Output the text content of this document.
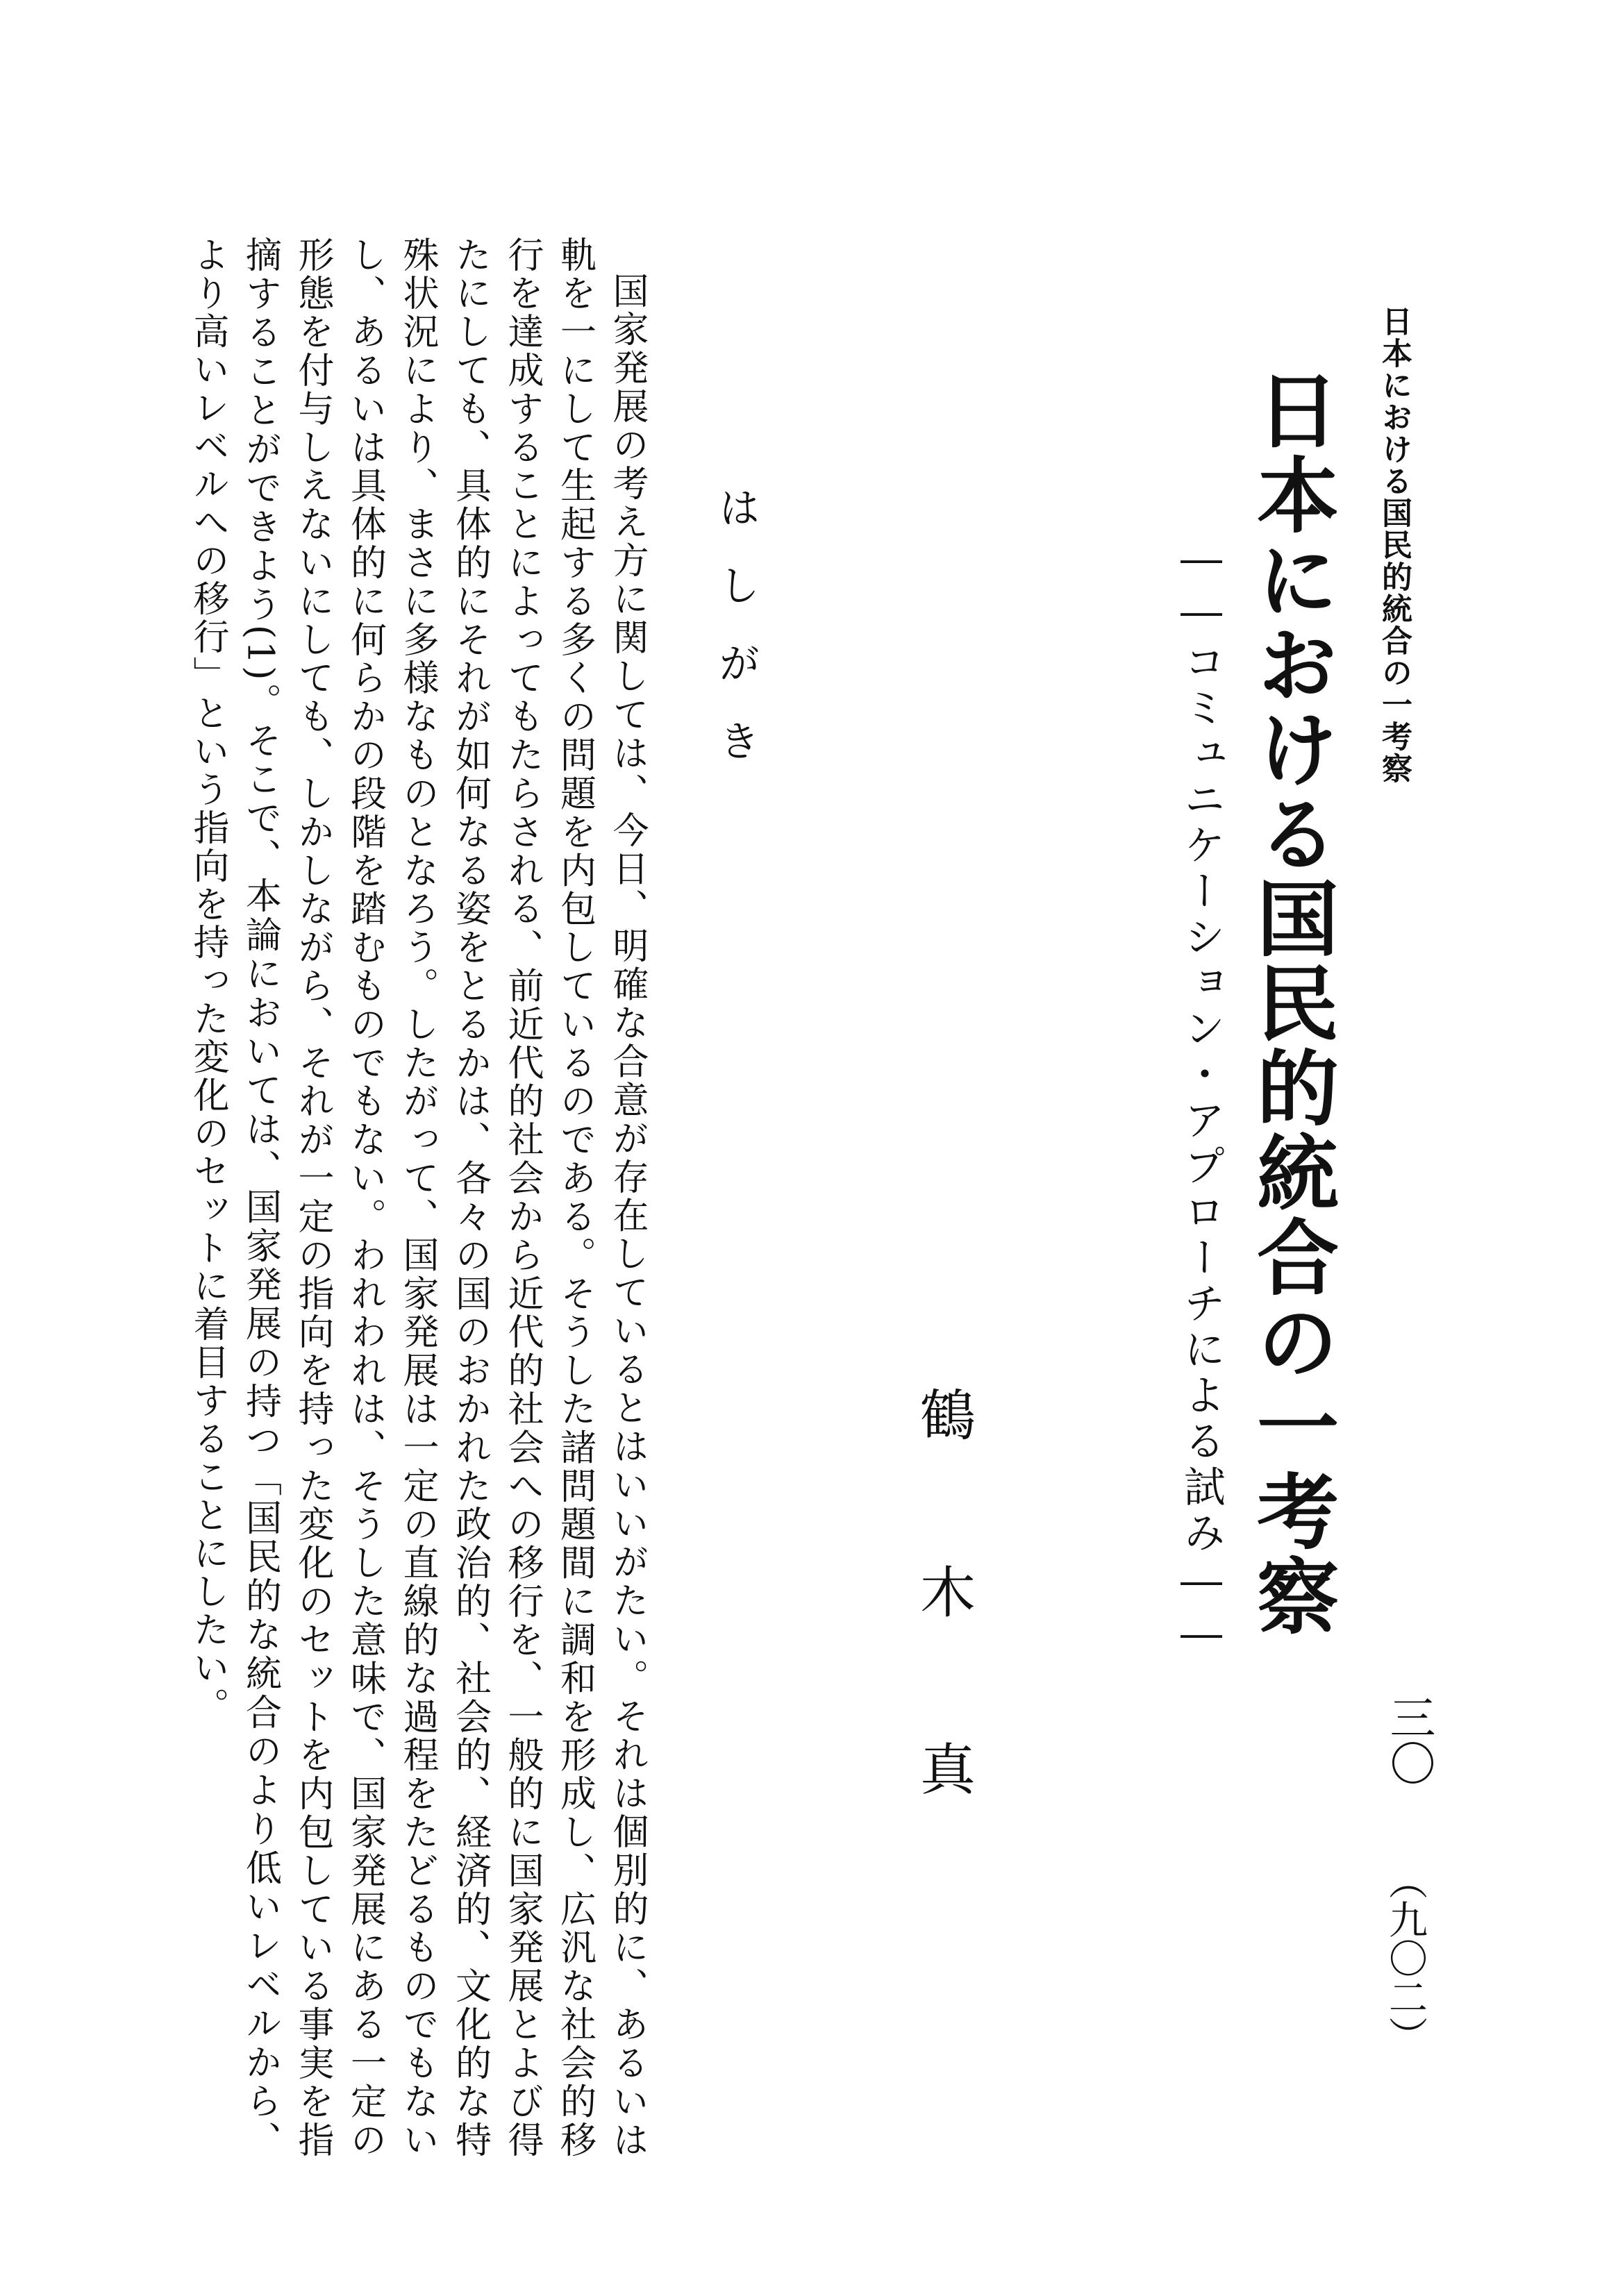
日本における国民的統合の一考察
三〇
（九〇二）
日本における国民的統合の一考察
――コミュニケーション・アプローチによる試み――
鶴
木
真
はしがき

国家発展の考え方に関しては、今日、明確な合意が存在しているとはいいがたい。それは個別的に、あるいは軌を一にして生起する多くの問題を内包しているのである。そうした諸問題間に調和を形成し、広汎な社会的移行を達成することによってもたらされる、前近代的社会から近代的社会への移行を、一般的に国家発展とよび得たにしても、具体的にそれが如何なる姿をとるかは、各々の国のおかれた政治的、社会的、経済的、文化的な特殊状況により、まさに多様なものとなろう。したがって、国家発展は一定の直線的な過程をたどるものでもないし、あるいは具体的に何らかの段階を踏むものでもない。われわれは、そうした意味で、国家発展にある一定の形態を付与しえないにしても、しかしながら、それが一定の指向を持った変化のセットを内包している事実を指摘することができよう(1)。そこで、本論においては、国家発展の持つ「国民的な統合のより低いレベルから、より高いレベルへの移行」という指向を持った変化のセットに着目することにしたい。
